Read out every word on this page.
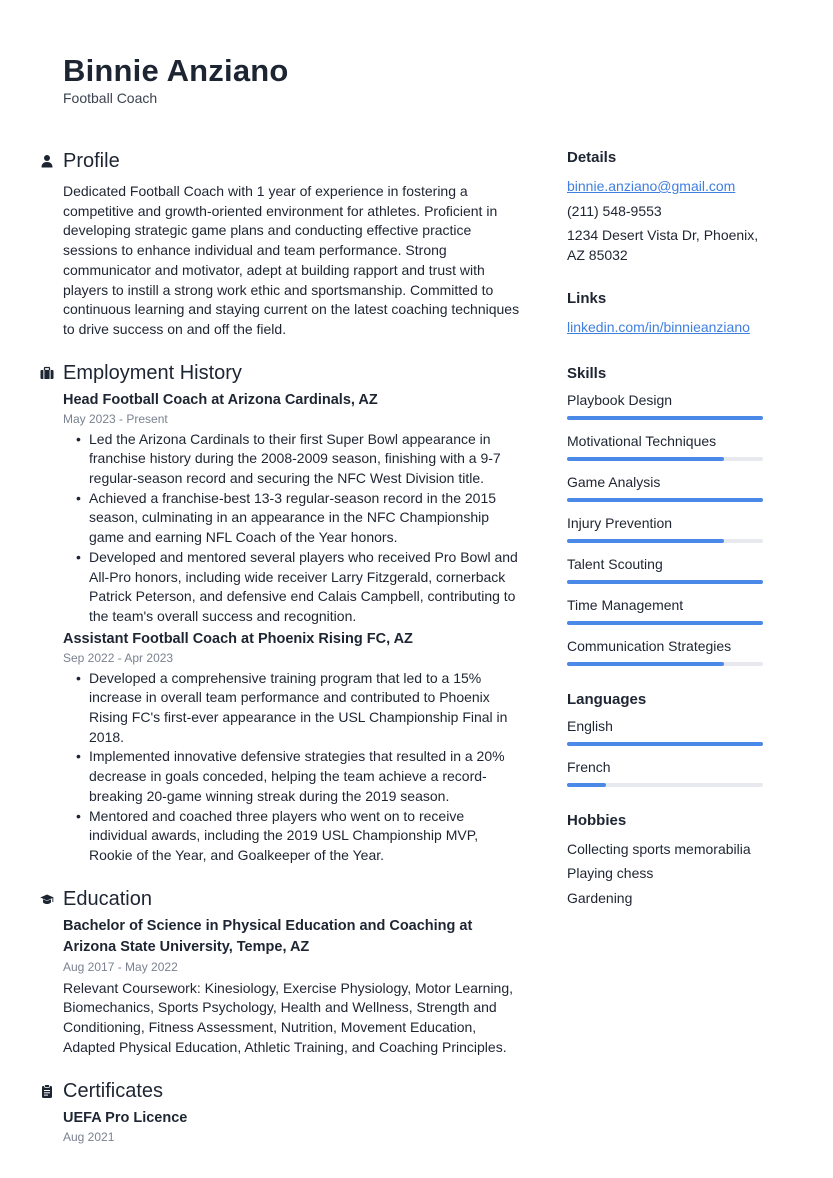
Binnie Anziano
Football Coach
Profile

Dedicated Football Coach with 1 year of experience in fostering a competitive and growth-oriented environment for athletes. Proficient in developing strategic game plans and conducting effective practice sessions to enhance individual and team performance. Strong communicator and motivator, adept at building rapport and trust with players to instill a strong work ethic and sportsmanship. Committed to continuous learning and staying current on the latest coaching techniques to drive success on and off the field.

Employment History
Head Football Coach at Arizona Cardinals, AZ
May 2023 - Present
• Led the Arizona Cardinals to their first Super Bowl appearance in franchise history during the 2008-2009 season, finishing with a 9-7 regular-season record and securing the NFC West Division title.
• Achieved a franchise-best 13-3 regular-season record in the 2015 season, culminating in an appearance in the NFC Championship game and earning NFL Coach of the Year honors.
• Developed and mentored several players who received Pro Bowl and All-Pro honors, including wide receiver Larry Fitzgerald, cornerback Patrick Peterson, and defensive end Calais Campbell, contributing to the team's overall success and recognition.
Assistant Football Coach at Phoenix Rising FC, AZ
Sep 2022 - Apr 2023
• Developed a comprehensive training program that led to a 15% increase in overall team performance and contributed to Phoenix Rising FC's first-ever appearance in the USL Championship Final in 2018.
• Implemented innovative defensive strategies that resulted in a 20% decrease in goals conceded, helping the team achieve a record-breaking 20-game winning streak during the 2019 season.
• Mentored and coached three players who went on to receive individual awards, including the 2019 USL Championship MVP, Rookie of the Year, and Goalkeeper of the Year.
Education
Bachelor of Science in Physical Education and Coaching at Arizona State University, Tempe, AZ
Aug 2017 - May 2022

Relevant Coursework: Kinesiology, Exercise Physiology, Motor Learning, Biomechanics, Sports Psychology, Health and Wellness, Strength and Conditioning, Fitness Assessment, Nutrition, Movement Education, Adapted Physical Education, Athletic Training, and Coaching Principles.

Certificates
UEFA Pro Licence
Aug 2021
Details
binnie.anziano@gmail.com
(211) 548-9553
1234 Desert Vista Dr, Phoenix, AZ 85032
Links
linkedin.com/in/binnieanziano
Skills
Playbook Design
Motivational Techniques
Game Analysis
Injury Prevention
Talent Scouting
Time Management
Communication Strategies
Languages
English
French
Hobbies
Collecting sports memorabilia
Playing chess
Gardening
